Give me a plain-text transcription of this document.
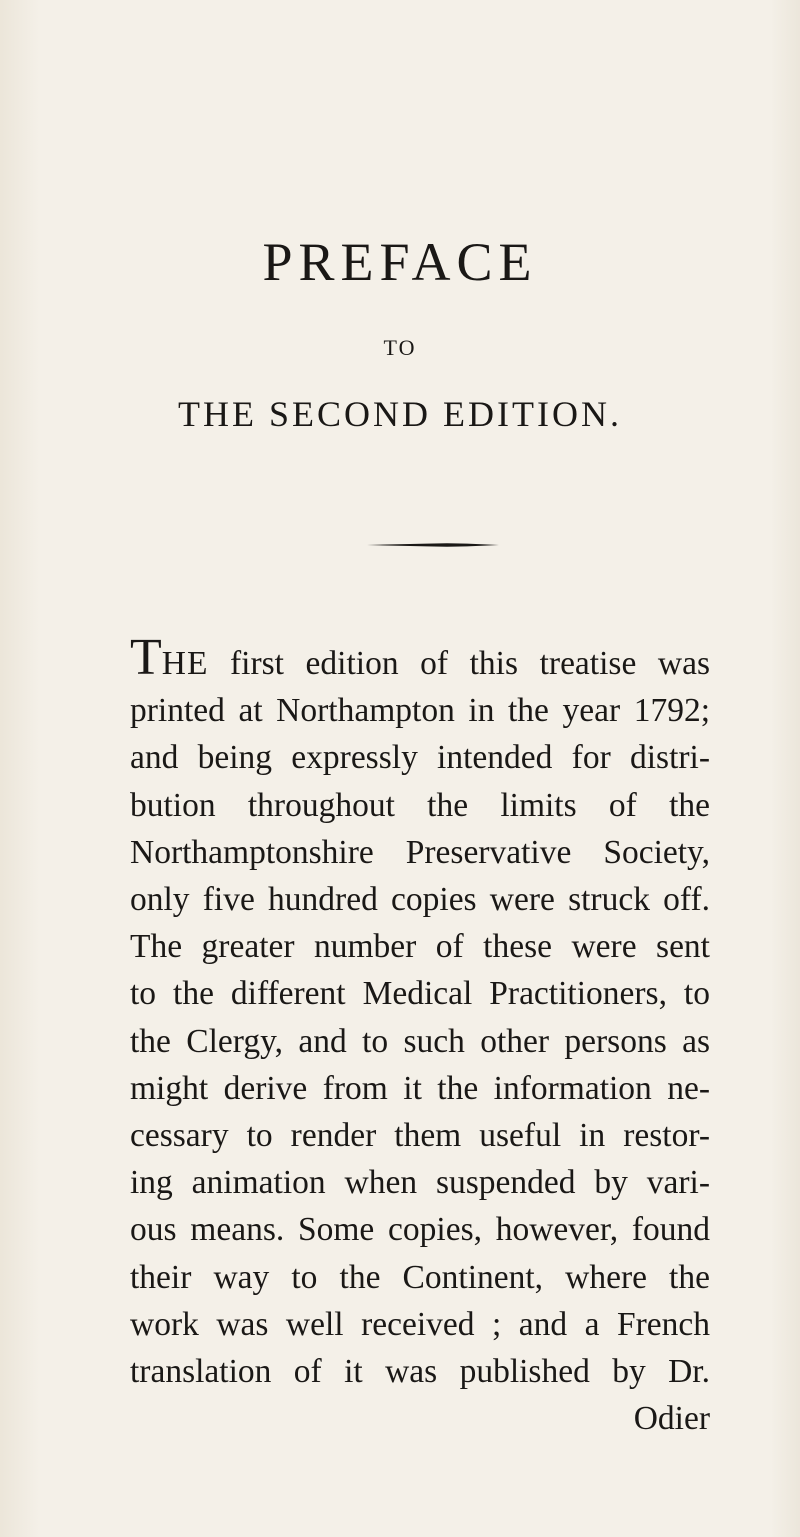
PREFACE
TO
THE SECOND EDITION.
THE first edition of this treatise was
printed at Northampton in the year 1792;
and being expressly intended for distri-
bution throughout the limits of the
Northamptonshire Preservative Society,
only five hundred copies were struck off.
The greater number of these were sent
to the different Medical Practitioners, to
the Clergy, and to such other persons as
might derive from it the information ne-
cessary to render them useful in restor-
ing animation when suspended by vari-
ous means. Some copies, however, found
their way to the Continent, where the
work was well received ; and a French
translation of it was published by Dr.
Odier
